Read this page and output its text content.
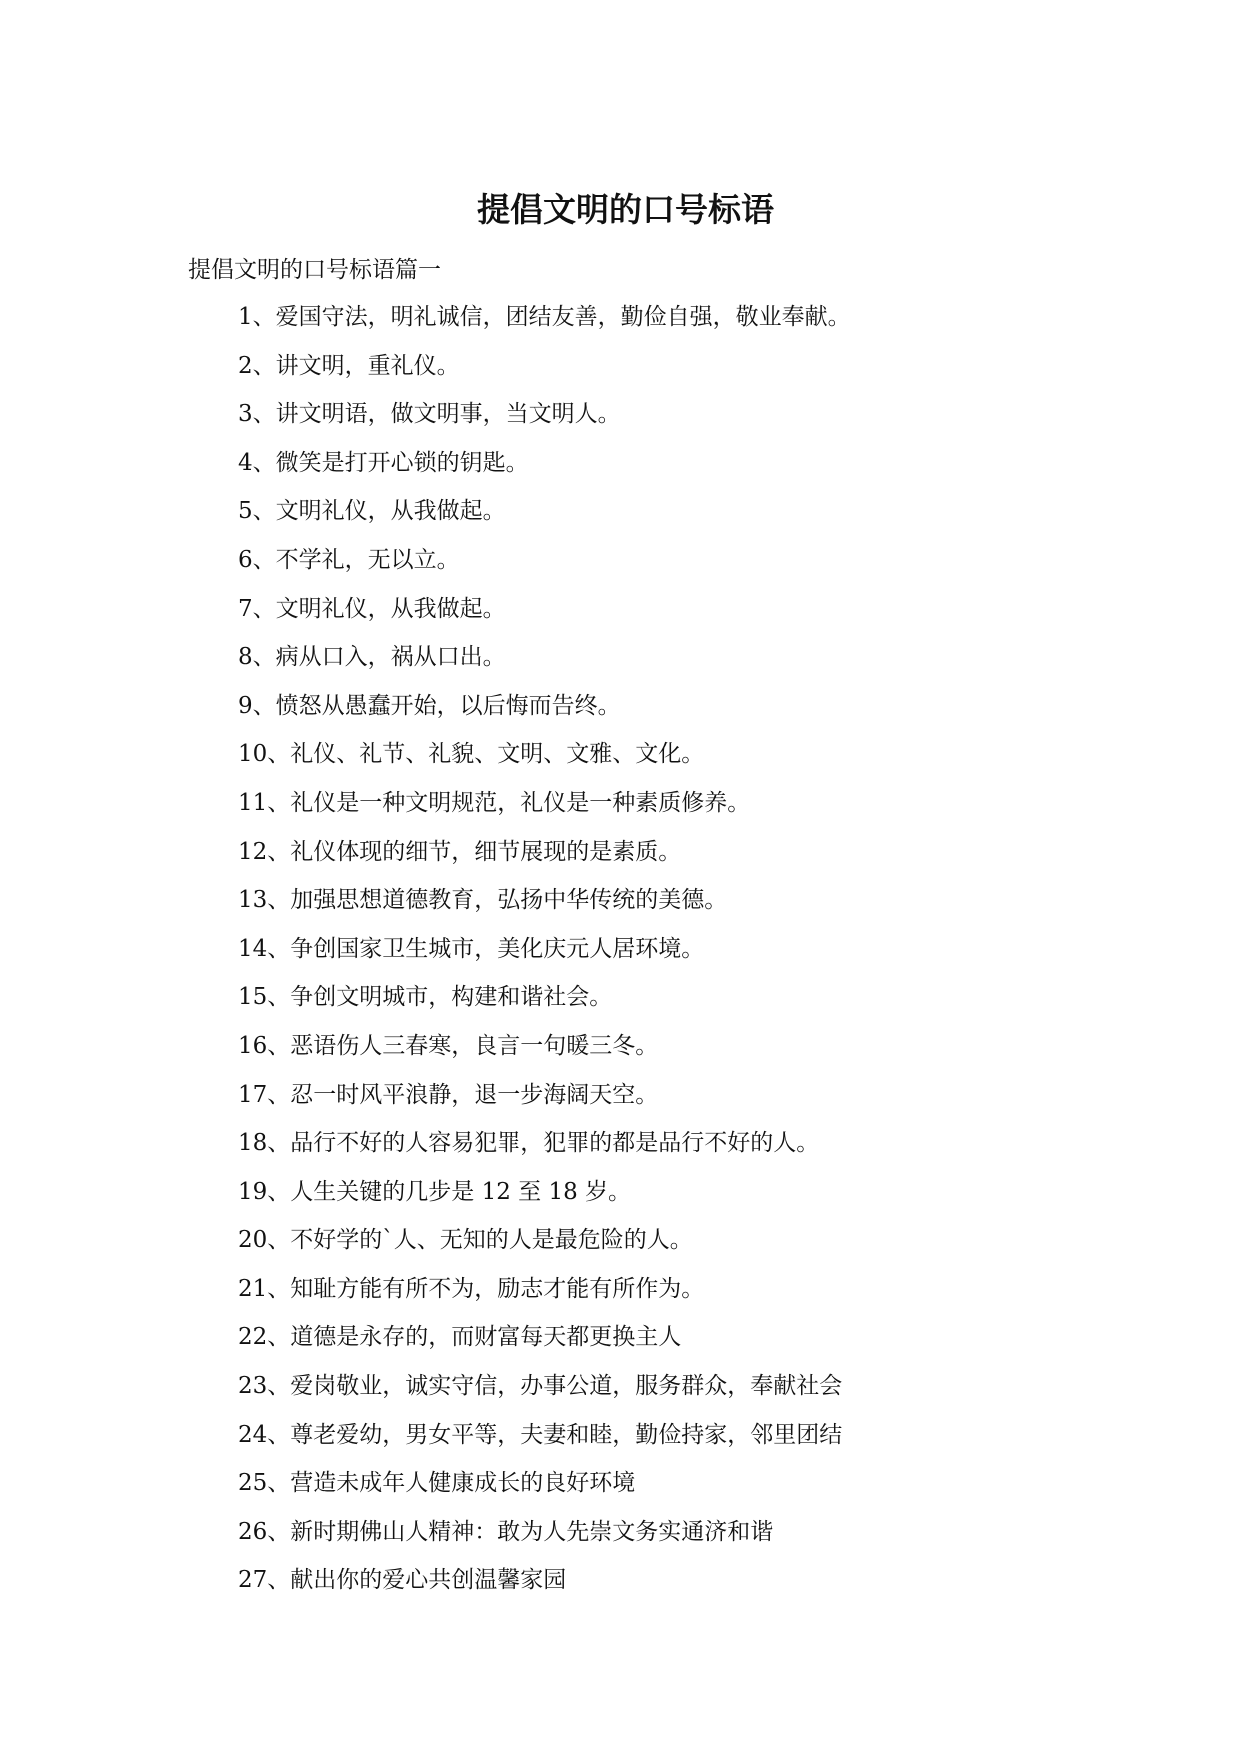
提倡文明的口号标语

提倡文明的口号标语篇一

1、爱国守法，明礼诚信，团结友善，勤俭自强，敬业奉献。
2、讲文明，重礼仪。
3、讲文明语，做文明事，当文明人。
4、微笑是打开心锁的钥匙。
5、文明礼仪，从我做起。
6、不学礼，无以立。
7、文明礼仪，从我做起。
8、病从口入，祸从口出。
9、愤怒从愚蠢开始，以后悔而告终。
10、礼仪、礼节、礼貌、文明、文雅、文化。
11、礼仪是一种文明规范，礼仪是一种素质修养。
12、礼仪体现的细节，细节展现的是素质。
13、加强思想道德教育，弘扬中华传统的美德。
14、争创国家卫生城市，美化庆元人居环境。
15、争创文明城市，构建和谐社会。
16、恶语伤人三春寒，良言一句暖三冬。
17、忍一时风平浪静，退一步海阔天空。
18、品行不好的人容易犯罪，犯罪的都是品行不好的人。
19、人生关键的几步是 12 至 18 岁。
20、不好学的`人、无知的人是最危险的人。
21、知耻方能有所不为，励志才能有所作为。
22、道德是永存的，而财富每天都更换主人
23、爱岗敬业，诚实守信，办事公道，服务群众，奉献社会
24、尊老爱幼，男女平等，夫妻和睦，勤俭持家，邻里团结
25、营造未成年人健康成长的良好环境
26、新时期佛山人精神：敢为人先崇文务实通济和谐
27、献出你的爱心共创温馨家园
